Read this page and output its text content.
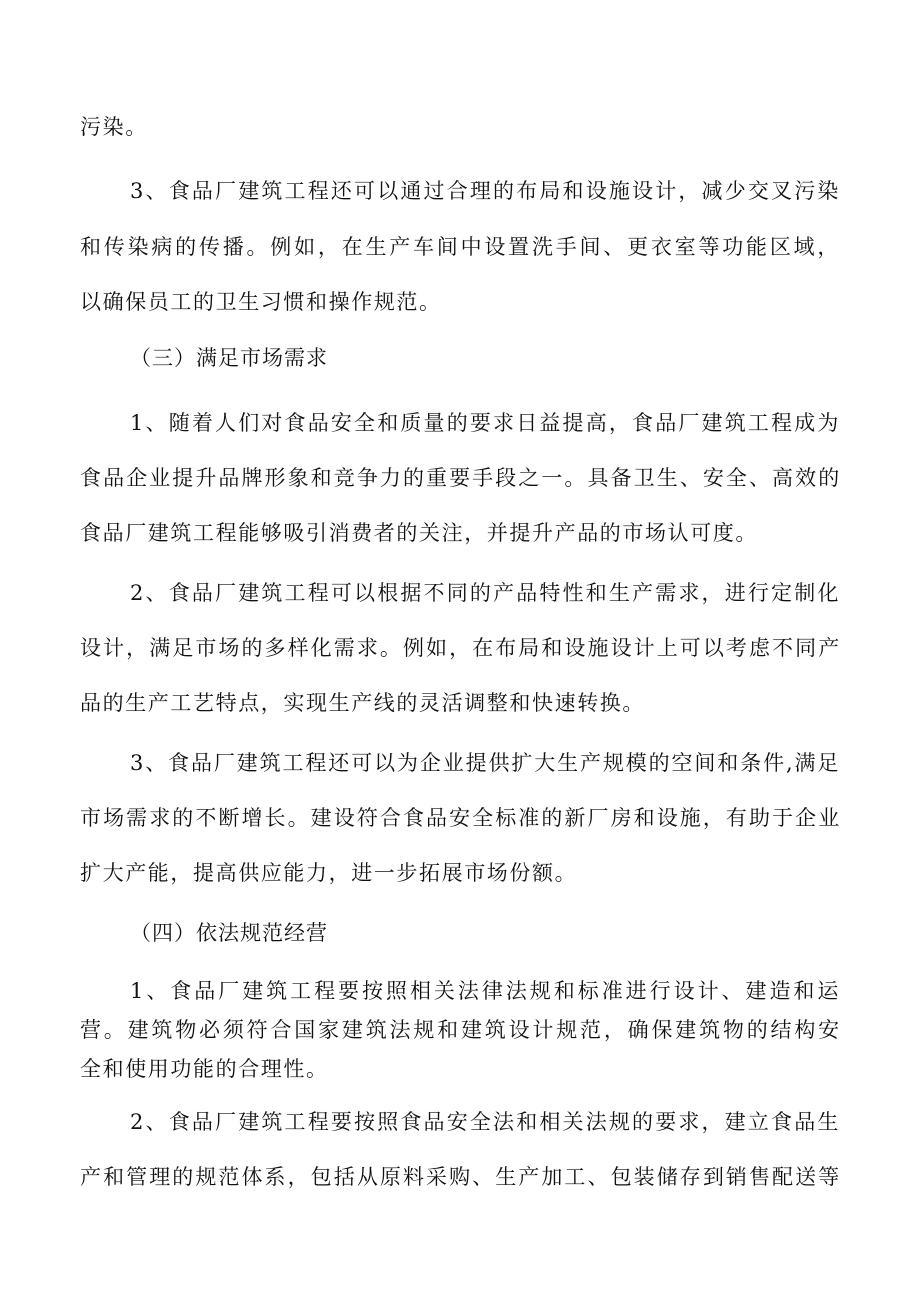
污染。
3、食品厂建筑工程还可以通过合理的布局和设施设计，减少交叉污染
和传染病的传播。例如，在生产车间中设置洗手间、更衣室等功能区域，
以确保员工的卫生习惯和操作规范。
（三）满足市场需求
1、随着人们对食品安全和质量的要求日益提高，食品厂建筑工程成为
食品企业提升品牌形象和竞争力的重要手段之一。具备卫生、安全、高效的
食品厂建筑工程能够吸引消费者的关注，并提升产品的市场认可度。
2、食品厂建筑工程可以根据不同的产品特性和生产需求，进行定制化
设计，满足市场的多样化需求。例如，在布局和设施设计上可以考虑不同产
品的生产工艺特点，实现生产线的灵活调整和快速转换。
3、食品厂建筑工程还可以为企业提供扩大生产规模的空间和条件,满足
市场需求的不断增长。建设符合食品安全标准的新厂房和设施，有助于企业
扩大产能，提高供应能力，进一步拓展市场份额。
（四）依法规范经营
1、食品厂建筑工程要按照相关法律法规和标准进行设计、建造和运
营。建筑物必须符合国家建筑法规和建筑设计规范，确保建筑物的结构安
全和使用功能的合理性。
2、食品厂建筑工程要按照食品安全法和相关法规的要求，建立食品生
产和管理的规范体系，包括从原料采购、生产加工、包装储存到销售配送等
